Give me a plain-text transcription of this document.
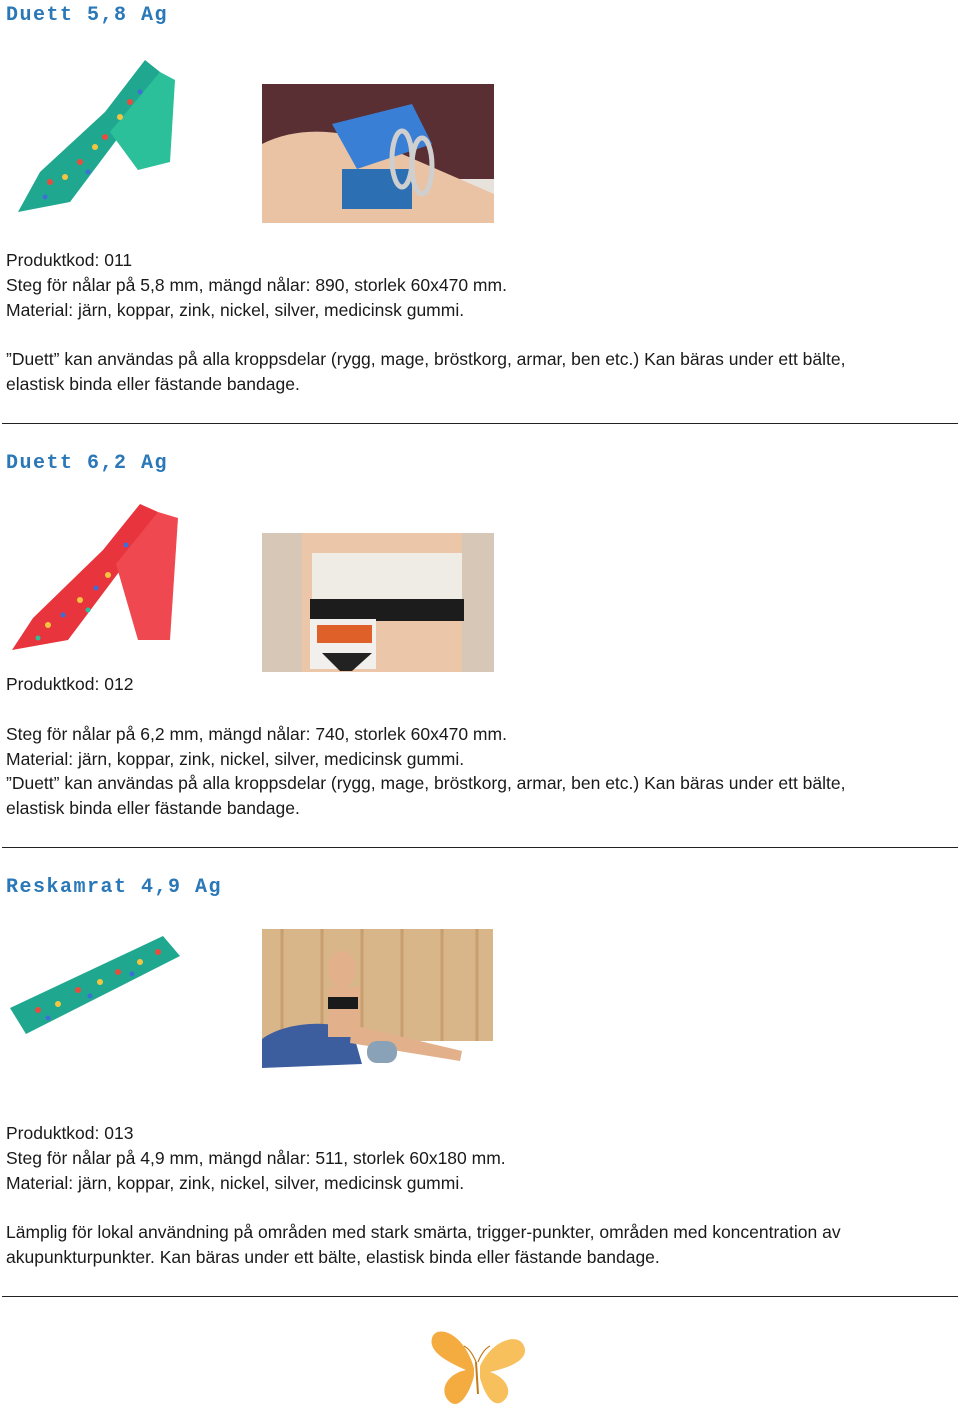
Duett 5,8 Ag
Produktkod: 011
Steg för nålar på 5,8 mm, mängd nålar: 890, storlek 60x470 mm.
Material: järn, koppar, zink, nickel, silver, medicinsk gummi.
”Duett” kan användas på alla kroppsdelar (rygg, mage, bröstkorg, armar, ben etc.) Kan bäras under ett bälte,
elastisk binda eller fästande bandage.
Duett 6,2 Ag
Produktkod: 012
Steg för nålar på 6,2 mm, mängd nålar: 740, storlek 60x470 mm.
Material: järn, koppar, zink, nickel, silver, medicinsk gummi.
”Duett” kan användas på alla kroppsdelar (rygg, mage, bröstkorg, armar, ben etc.) Kan bäras under ett bälte,
elastisk binda eller fästande bandage.
Reskamrat 4,9 Ag
Produktkod: 013
Steg för nålar på 4,9 mm, mängd nålar: 511, storlek 60x180 mm.
Material: järn, koppar, zink, nickel, silver, medicinsk gummi.
Lämplig för lokal användning på områden med stark smärta, trigger-punkter, områden med koncentration av
akupunkturpunkter. Kan bäras under ett bälte, elastisk binda eller fästande bandage.
